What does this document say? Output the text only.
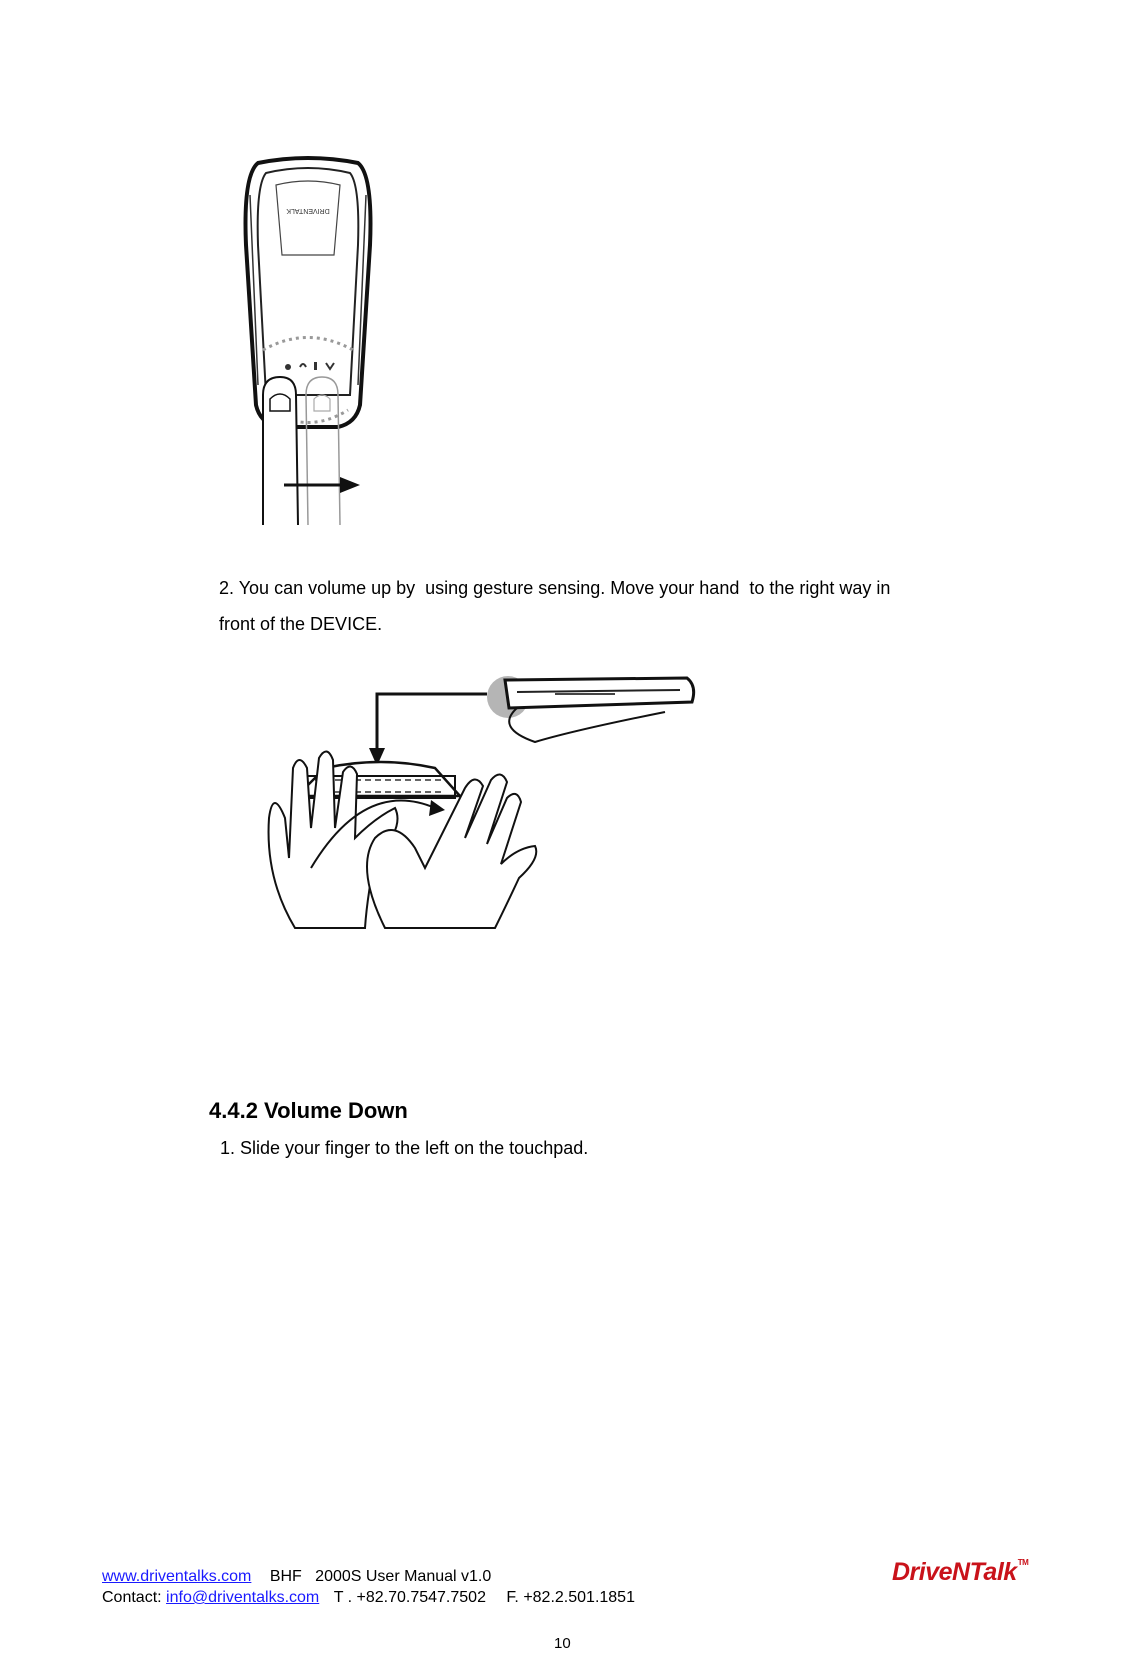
DRIVENTALK
2. You can volume up by  using gesture sensing. Move your hand  to the right way in
front of the DEVICE.
4.4.2 Volume Down
1. Slide your finger to the left on the touchpad.
www.driventalks.com BHF   2000S User Manual v1.0
Contact: info@driventalks.com T . +82.70.7547.7502 F. +82.2.501.1851
DriveNTalk™
10
